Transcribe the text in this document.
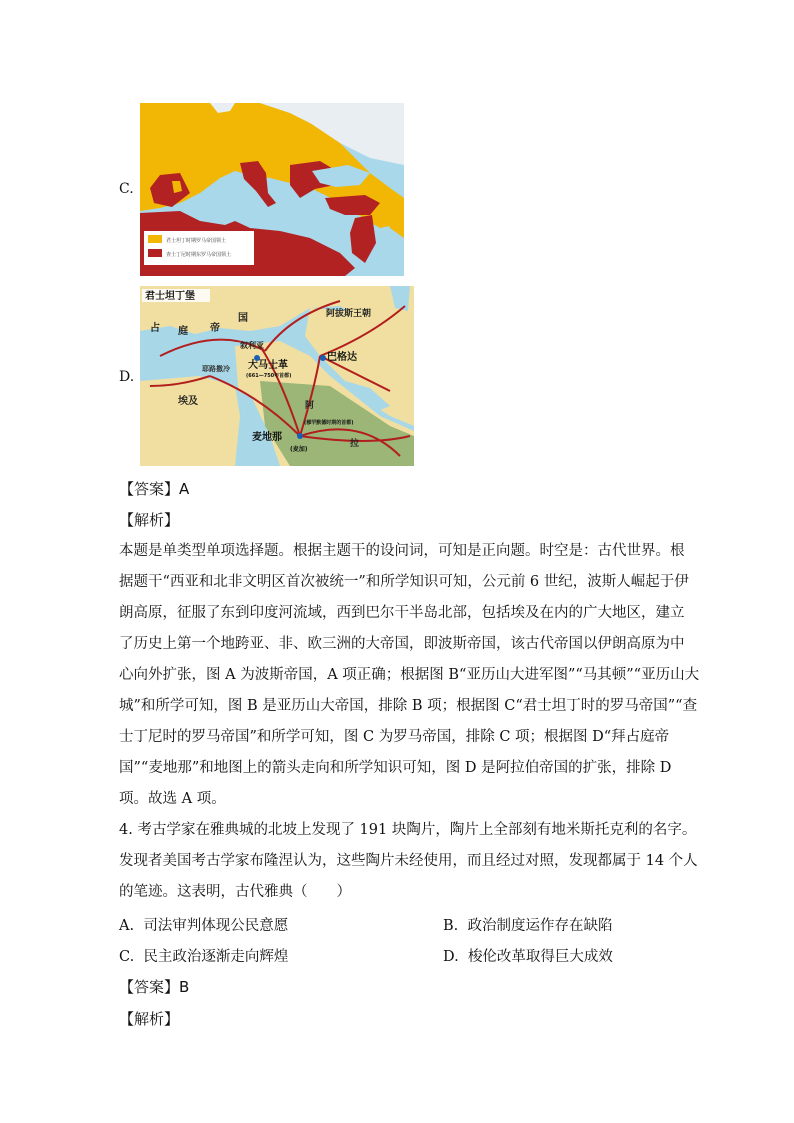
C.
君士坦丁时期罗马帝国领土
查士丁尼时期东罗马帝国领土
D.
君士坦丁堡
占 庭 帝
国
叙利亚
大马士革
(661—750年首都)
阿拔斯王朝
巴格达
耶路撒冷
埃及
麦地那
(穆罕默德时期的首都)
(麦加)
阿
拉
【答案】A
【解析】
本题是单类型单项选择题。根据主题干的设问词，可知是正向题。时空是：古代世界。根
据题干“西亚和北非文明区首次被统一”和所学知识可知，公元前 6 世纪，波斯人崛起于伊
朗高原，征服了东到印度河流域，西到巴尔干半岛北部，包括埃及在内的广大地区，建立
了历史上第一个地跨亚、非、欧三洲的大帝国，即波斯帝国，该古代帝国以伊朗高原为中
心向外扩张，图 A 为波斯帝国，A 项正确；根据图 B“亚历山大进军图”“马其顿”“亚历山大
城”和所学可知，图 B 是亚历山大帝国，排除 B 项；根据图 C“君士坦丁时的罗马帝国”“查
士丁尼时的罗马帝国”和所学可知，图 C 为罗马帝国，排除 C 项；根据图 D“拜占庭帝
国”“麦地那”和地图上的箭头走向和所学知识可知，图 D 是阿拉伯帝国的扩张，排除 D
项。故选 A 项。
4. 考古学家在雅典城的北坡上发现了 191 块陶片，陶片上全部刻有地米斯托克利的名字。
发现者美国考古学家布隆涅认为，这些陶片未经使用，而且经过对照，发现都属于 14 个人
的笔迹。这表明，古代雅典（　　）
A. 司法审判体现公民意愿	B. 政治制度运作存在缺陷
C. 民主政治逐渐走向辉煌	D. 梭伦改革取得巨大成效
【答案】B
【解析】
